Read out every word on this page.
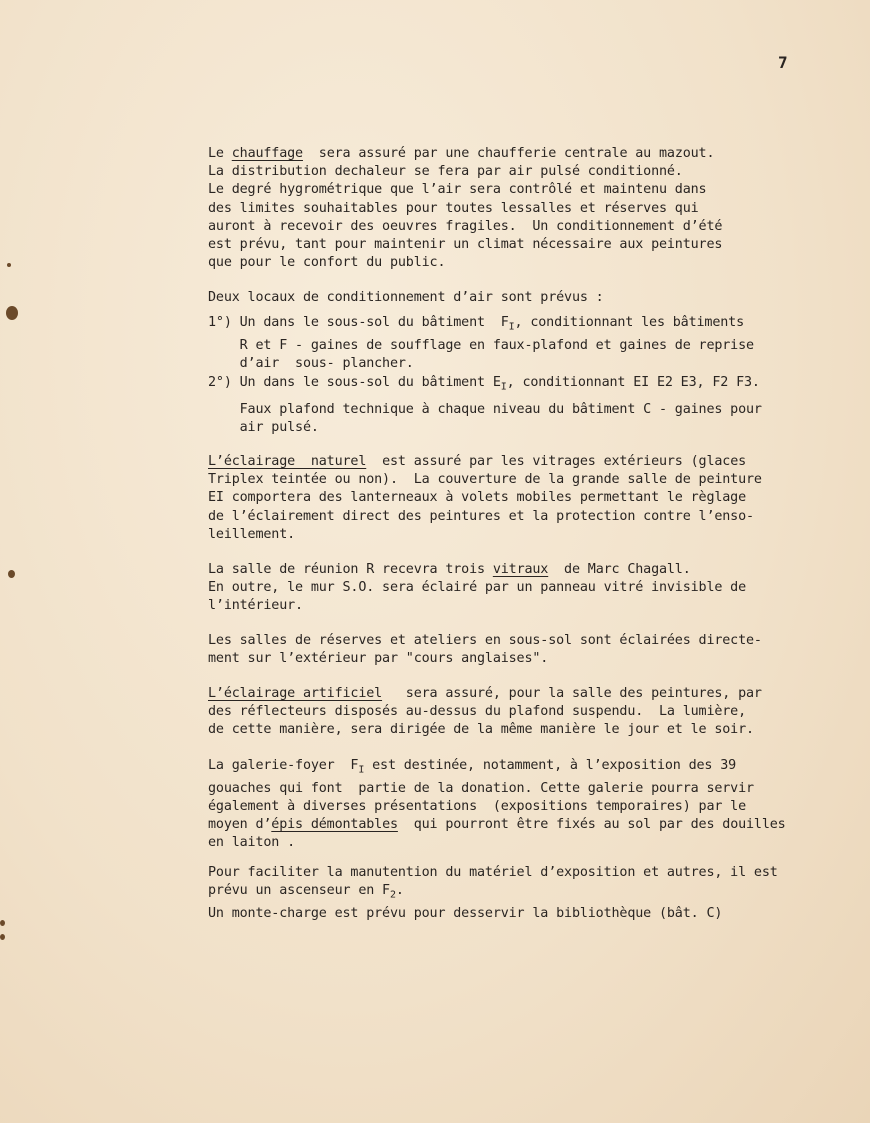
7
Le chauffage  sera assuré par une chaufferie centrale au mazout.
La distribution dechaleur se fera par air pulsé conditionné.
Le degré hygrométrique que l’air sera contrôlé et maintenu dans
des limites souhaitables pour toutes lessalles et réserves qui
auront à recevoir des oeuvres fragiles.  Un conditionnement d’été
est prévu, tant pour maintenir un climat nécessaire aux peintures
que pour le confort du public.
Deux locaux de conditionnement d’air sont prévus :
1°) Un dans le sous-sol du bâtiment  $F_I$, conditionnant les bâtiments
R et F - gaines de soufflage en faux-plafond et gaines de reprise
d’air  sous- plancher.
2°) Un dans le sous-sol du bâtiment $E_I$, conditionnant EI E2 E3, F2 F3.
Faux plafond technique à chaque niveau du bâtiment C - gaines pour
air pulsé.
L’éclairage  naturel  est assuré par les vitrages extérieurs (glaces
Triplex teintée ou non).  La couverture de la grande salle de peinture
EI comportera des lanterneaux à volets mobiles permettant le règlage
de l’éclairement direct des peintures et la protection contre l’enso-
leillement.
La salle de réunion R recevra trois vitraux  de Marc Chagall.
En outre, le mur S.O. sera éclairé par un panneau vitré invisible de
l’intérieur.
Les salles de réserves et ateliers en sous-sol sont éclairées directe-
ment sur l’extérieur par "cours anglaises".
L’éclairage artificiel   sera assuré, pour la salle des peintures, par
des réflecteurs disposés au-dessus du plafond suspendu.  La lumière,
de cette manière, sera dirigée de la même manière le jour et le soir.
La galerie-foyer  $F_I$ est destinée, notamment, à l’exposition des 39
gouaches qui font  partie de la donation. Cette galerie pourra servir
également à diverses présentations  (expositions temporaires) par le
moyen d’épis démontables  qui pourront être fixés au sol par des douilles
en laiton .
Pour faciliter la manutention du matériel d’exposition et autres, il est
prévu un ascenseur en $F_2$.
Un monte-charge est prévu pour desservir la bibliothèque (bât. C)
